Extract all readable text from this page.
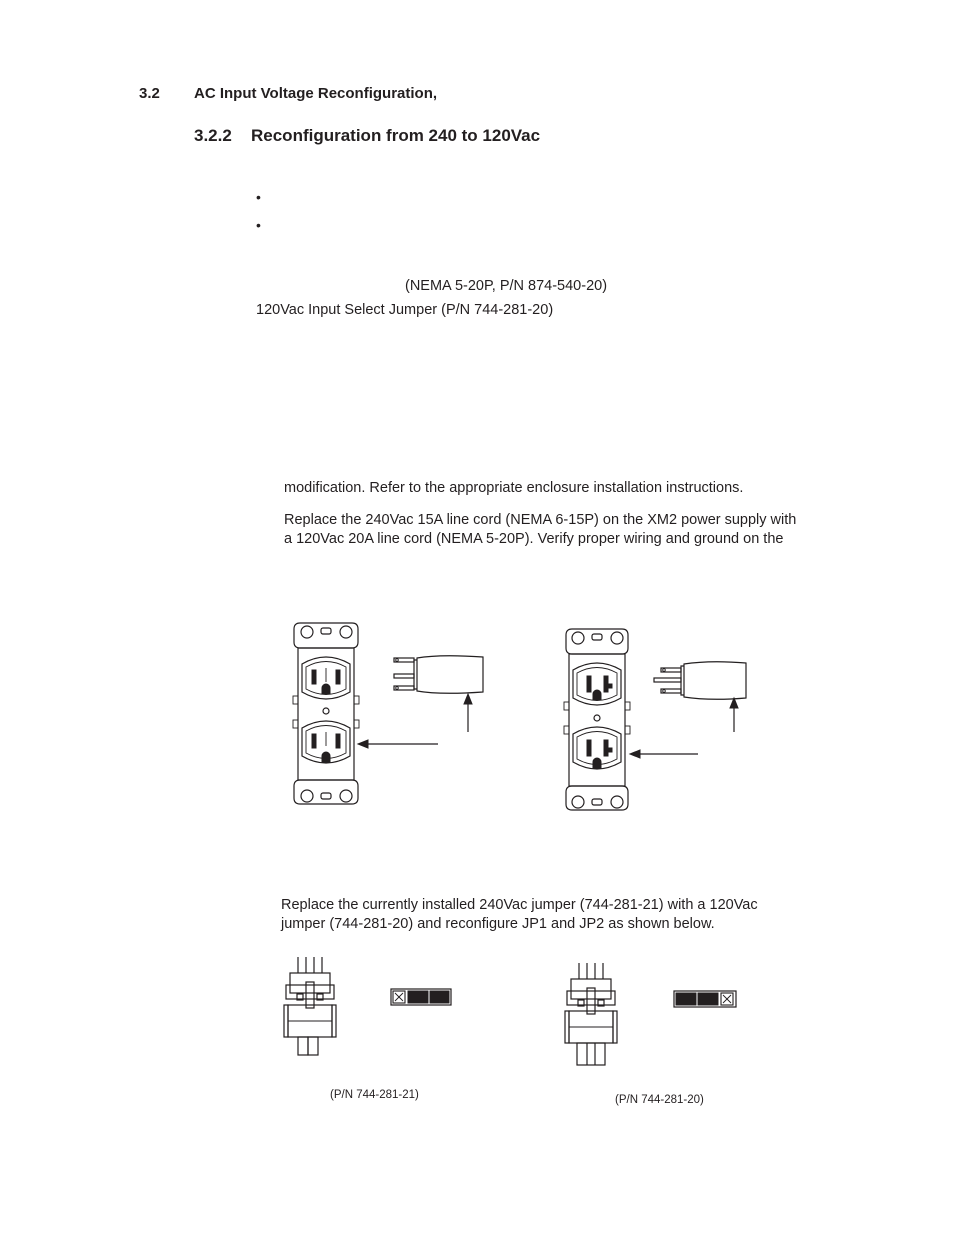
3.2 AC Input Voltage Reconfiguration,
3.2.2 Reconfiguration from 240 to 120Vac
•
•
(NEMA 5-20P, P/N 874-540-20)
120Vac Input Select Jumper (P/N 744-281-20)
modification. Refer to the appropriate enclosure installation instructions.
Replace the 240Vac 15A line cord (NEMA 6-15P) on the XM2 power supply with
a 120Vac 20A line cord (NEMA 5-20P). Verify proper wiring and ground on the
Replace the currently installed 240Vac jumper (744-281-21) with a 120Vac
jumper (744-281-20) and reconfigure JP1 and JP2 as shown below.
(P/N 744-281-21)	(P/N 744-281-20)
